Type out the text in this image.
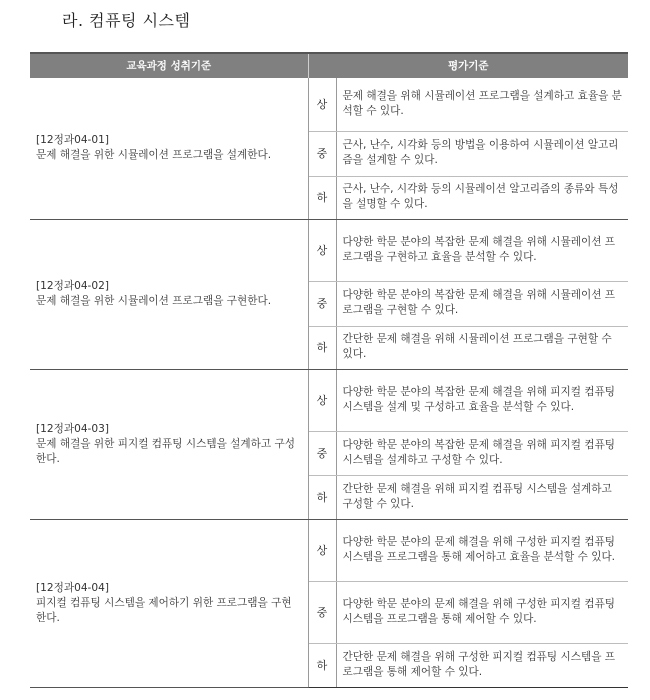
라. 컴퓨팅 시스템
교육과정 성취기준	평가기준	

[12정과04-01]
문제 해결을 위한 시뮬레이션 프로그램을 설계한다.	상	문제 해결을 위해 시뮬레이션 프로그램을 설계하고 효율을 분석할 수 있다.
	중	근사, 난수, 시각화 등의 방법을 이용하여 시뮬레이션 알고리즘을 설계할 수 있다.
	하	근사, 난수, 시각화 등의 시뮬레이션 알고리즘의 종류와 특성을 설명할 수 있다.

[12정과04-02]
문제 해결을 위한 시뮬레이션 프로그램을 구현한다.	상	다양한 학문 분야의 복잡한 문제 해결을 위해 시뮬레이션 프로그램을 구현하고 효율을 분석할 수 있다.
	중	다양한 학문 분야의 복잡한 문제 해결을 위해 시뮬레이션 프로그램을 구현할 수 있다.
	하	간단한 문제 해결을 위해 시뮬레이션 프로그램을 구현할 수 있다.

[12정과04-03]
문제 해결을 위한 피지컬 컴퓨팅 시스템을 설계하고 구성한다.	상	다양한 학문 분야의 복잡한 문제 해결을 위해 피지컬 컴퓨팅 시스템을 설계 및 구성하고 효율을 분석할 수 있다.
	중	다양한 학문 분야의 복잡한 문제 해결을 위해 피지컬 컴퓨팅 시스템을 설계하고 구성할 수 있다.
	하	간단한 문제 해결을 위해 피지컬 컴퓨팅 시스템을 설계하고 구성할 수 있다.

[12정과04-04]
피지컬 컴퓨팅 시스템을 제어하기 위한 프로그램을 구현한다.	상	다양한 학문 분야의 문제 해결을 위해 구성한 피지컬 컴퓨팅 시스템을 프로그램을 통해 제어하고 효율을 분석할 수 있다.
	중	다양한 학문 분야의 문제 해결을 위해 구성한 피지컬 컴퓨팅 시스템을 프로그램을 통해 제어할 수 있다.
	하	간단한 문제 해결을 위해 구성한 피지컬 컴퓨팅 시스템을 프로그램을 통해 제어할 수 있다.
